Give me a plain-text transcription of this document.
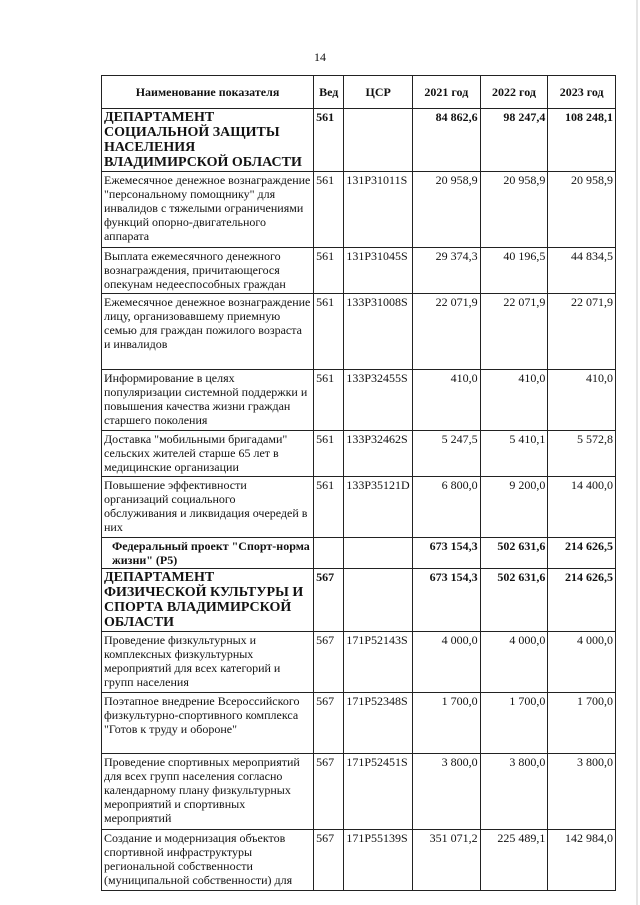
14
Наименование показателя	Вед	ЦСР	2021 год	2022 год	2023 год
ДЕПАРТАМЕНТ СОЦИАЛЬНОЙ ЗАЩИТЫ НАСЕЛЕНИЯ ВЛАДИМИРСКОЙ ОБЛАСТИ	561		84 862,6	98 247,4	108 248,1
Ежемесячное денежное вознаграждение "персональному помощнику" для инвалидов с тяжелыми ограничениями функций опорно-двигательного аппарата	561	131Р31011S	20 958,9	20 958,9	20 958,9
Выплата ежемесячного денежного вознаграждения, причитающегося опекунам недееспособных граждан	561	131Р31045S	29 374,3	40 196,5	44 834,5
Ежемесячное денежное вознаграждение лицу, организовавшему приемную семью для граждан пожилого возраста и инвалидов	561	133Р31008S	22 071,9	22 071,9	22 071,9
Информирование в целях популяризации системной поддержки и повышения качества жизни граждан старшего поколения	561	133Р32455S	410,0	410,0	410,0
Доставка "мобильными бригадами" сельских жителей старше 65 лет в медицинские организации	561	133Р32462S	5 247,5	5 410,1	5 572,8
Повышение эффективности организаций социального обслуживания и ликвидация очередей в них	561	133Р35121D	6 800,0	9 200,0	14 400,0
Федеральный проект "Спорт-норма жизни" (Р5)			673 154,3	502 631,6	214 626,5
ДЕПАРТАМЕНТ ФИЗИЧЕСКОЙ КУЛЬТУРЫ И СПОРТА ВЛАДИМИРСКОЙ ОБЛАСТИ	567		673 154,3	502 631,6	214 626,5
Проведение физкультурных и комплексных физкультурных мероприятий для всех категорий и групп населения	567	171Р52143S	4 000,0	4 000,0	4 000,0
Поэтапное внедрение Всероссийского физкультурно-спортивного комплекса "Готов к труду и обороне"	567	171Р52348S	1 700,0	1 700,0	1 700,0
Проведение спортивных мероприятий для всех групп населения согласно календарному плану физкультурных мероприятий и спортивных мероприятий	567	171Р52451S	3 800,0	3 800,0	3 800,0
Создание и модернизация объектов спортивной инфраструктуры региональной собственности (муниципальной собственности) для	567	171Р55139S	351 071,2	225 489,1	142 984,0
